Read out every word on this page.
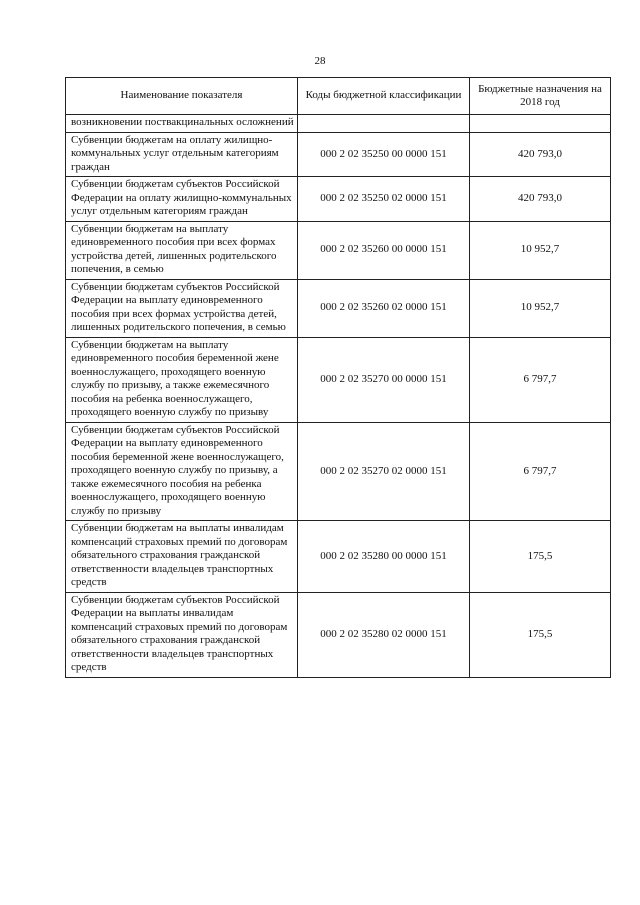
28
Наименование показателя	Коды бюджетной классификации	Бюджетные назначения на 2018 год
возникновении поствакцинальных осложнений		
Субвенции бюджетам на оплату жилищно-коммунальных услуг отдельным категориям граждан	000 2 02 35250 00 0000 151	420 793,0
Субвенции бюджетам субъектов Российской Федерации на оплату жилищно-коммунальных услуг отдельным категориям граждан	000 2 02 35250 02 0000 151	420 793,0
Субвенции бюджетам на выплату единовременного пособия при всех формах устройства детей, лишенных родительского попечения, в семью	000 2 02 35260 00 0000 151	10 952,7
Субвенции бюджетам субъектов Российской Федерации на выплату единовременного пособия при всех формах устройства детей, лишенных родительского попечения, в семью	000 2 02 35260 02 0000 151	10 952,7
Субвенции бюджетам на выплату единовременного пособия беременной жене военнослужащего, проходящего военную службу по призыву, а также ежемесячного пособия на ребенка военнослужащего, проходящего военную службу по призыву	000 2 02 35270 00 0000 151	6 797,7
Субвенции бюджетам субъектов Российской Федерации на выплату единовременного пособия беременной жене военнослужащего, проходящего военную службу по призыву, а также ежемесячного пособия на ребенка военнослужащего, проходящего военную службу по призыву	000 2 02 35270 02 0000 151	6 797,7
Субвенции бюджетам на выплаты инвалидам компенсаций страховых премий по договорам обязательного страхования гражданской ответственности владельцев транспортных средств	000 2 02 35280 00 0000 151	175,5
Субвенции бюджетам субъектов Российской Федерации на выплаты инвалидам компенсаций страховых премий по договорам обязательного страхования гражданской ответственности владельцев транспортных средств	000 2 02 35280 02 0000 151	175,5
